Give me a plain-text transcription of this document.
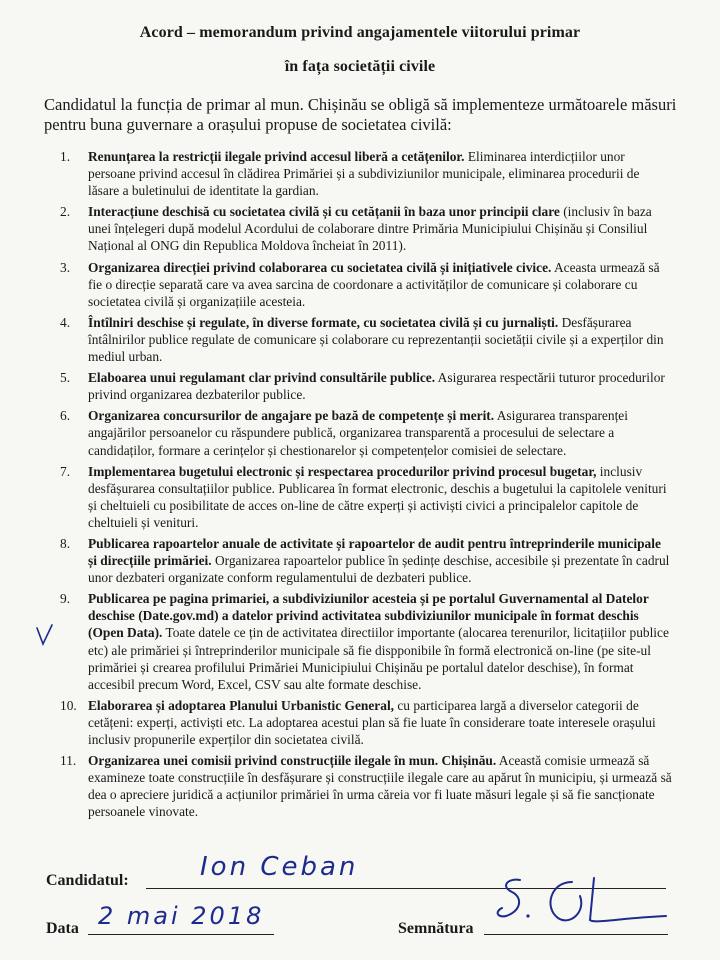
Acord – memorandum privind angajamentele viitorului primar
în fața societății civile
Candidatul la funcția de primar al mun. Chișinău se obligă să implementeze următoarele măsuri pentru buna guvernare a orașului propuse de societatea civilă:
1. Renunțarea la restricții ilegale privind accesul liberă a cetățenilor. Eliminarea interdicțiilor unor persoane privind accesul în clădirea Primăriei și a subdiviziunilor municipale, eliminarea procedurii de lăsare a buletinului de identitate la gardian.
2. Interacțiune deschisă cu societatea civilă și cu cetățanii în baza unor principii clare (inclusiv în baza unei înțelegeri după modelul Acordului de colaborare dintre Primăria Municipiului Chișinău și Consiliul Național al ONG din Republica Moldova încheiat în 2011).
3. Organizarea direcției privind colaborarea cu societatea civilă și inițiativele civice. Aceasta urmează să fie o direcție separată care va avea sarcina de coordonare a activităților de comunicare și colaborare cu societatea civilă și organizațiile acesteia.
4. Întîlniri deschise și regulate, în diverse formate, cu societatea civilă și cu jurnaliști. Desfășurarea întâlnirilor publice regulate de comunicare și colaborare cu reprezentanții societății civile și a experților din mediul urban.
5. Elaboarea unui regulamant clar privind consultările publice. Asigurarea respectării tuturor procedurilor privind organizarea dezbaterilor publice.
6. Organizarea concursurilor de angajare pe bază de competențe și merit. Asigurarea transparenței angajărilor persoanelor cu răspundere publică, organizarea transparentă a procesului de selectare a candidaților, formare a cerințelor și chestionarelor și competențelor comisiei de selectare.
7. Implementarea bugetului electronic și respectarea procedurilor privind procesul bugetar, inclusiv desfășurarea consultațiilor publice. Publicarea în format electronic, deschis a bugetului la capitolele venituri și cheltuieli cu posibilitate de acces on-line de către experți și activiști civici a principalelor capitole de cheltuieli și venituri.
8. Publicarea rapoartelor anuale de activitate și rapoartelor de audit pentru întreprinderile municipale și direcțiile primăriei. Organizarea rapoartelor publice în ședințe deschise, accesibile și prezentate în cadrul unor dezbateri organizate conform regulamentului de dezbateri publice.
9. Publicarea pe pagina primariei, a subdiviziunilor acesteia și pe portalul Guvernamental al Datelor deschise (Date.gov.md) a datelor privind activitatea subdiviziunilor municipale în format deschis (Open Data). Toate datele ce țin de activitatea directiilor importante (alocarea terenurilor, licitațiilor publice etc) ale primăriei și întreprinderilor municipale să fie dispponibile în formă electronică on-line (pe site-ul primăriei și crearea profilului Primăriei Municipiului Chișinău pe portalul datelor deschise), în format accesibil precum Word, Excel, CSV sau alte formate deschise.
10. Elaborarea și adoptarea Planului Urbanistic General, cu participarea largă a diverselor categorii de cetățeni: experți, activiști etc. La adoptarea acestui plan să fie luate în considerare toate interesele orașului inclusiv propunerile experților din societatea civilă.
11. Organizarea unei comisii privind construcțiile ilegale în mun. Chișinău. Această comisie urmează să examineze toate construcțiile în desfășurare și construcțiile ilegale care au apărut în municipiu, și urmează să dea o apreciere juridică a acțiunilor primăriei în urma căreia vor fi luate măsuri legale și să fie sancționate persoanele vinovate.
Candidatul:	Ion Ceban
Data 2 mai 2018	Semnătura
